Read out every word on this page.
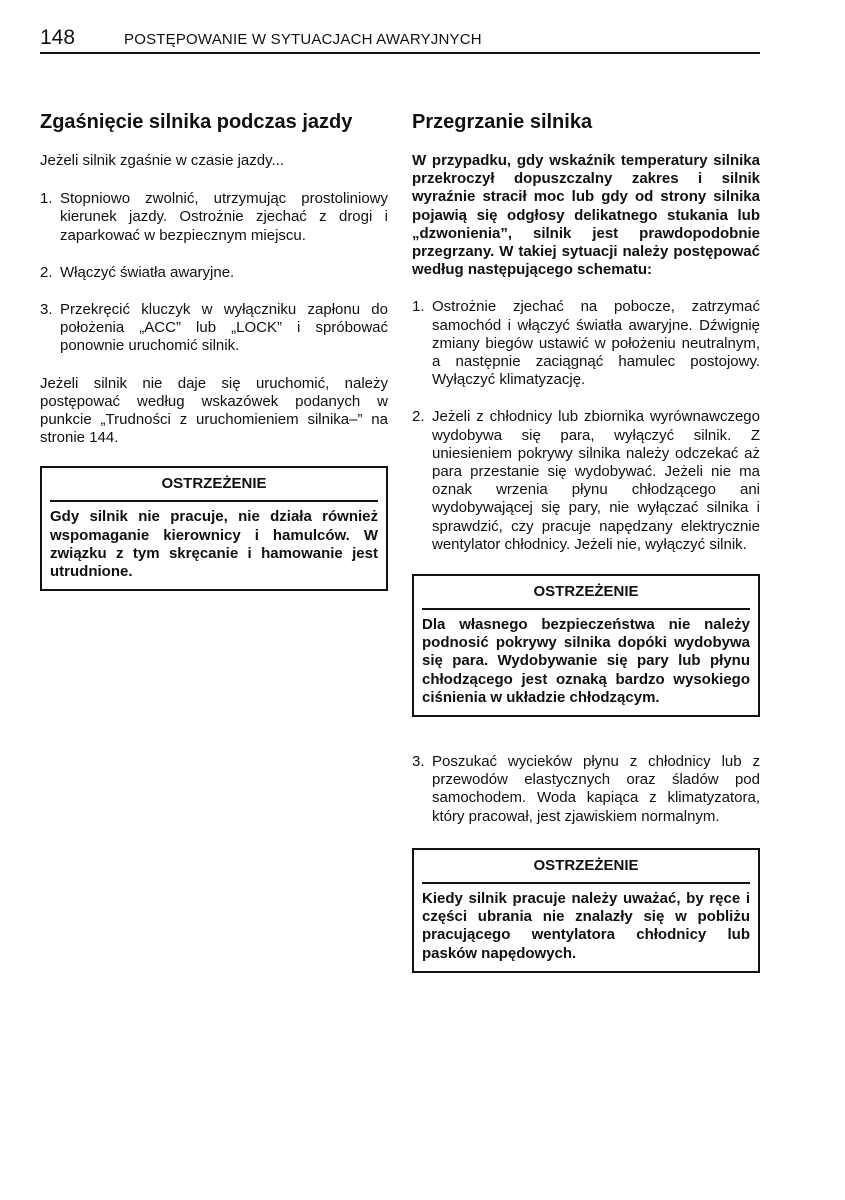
148	POSTĘPOWANIE W SYTUACJACH AWARYJNYCH
Zgaśnięcie silnika podczas jazdy

Jeżeli silnik zgaśnie w czasie jazdy...

1. Stopniowo zwolnić, utrzymując prostoliniowy kierunek jazdy. Ostrożnie zjechać z drogi i zaparkować w bezpiecznym miejscu.
2. Włączyć światła awaryjne.
3. Przekręcić kluczyk w wyłączniku zapłonu do położenia „ACC” lub „LOCK” i spróbować ponownie uruchomić silnik.

Jeżeli silnik nie daje się uruchomić, należy postępować według wskazówek podanych w punkcie „Trudności z uruchomieniem silnika–” na stronie 144.

OSTRZEŻENIE
Gdy silnik nie pracuje, nie działa również wspomaganie kierownicy i hamulców. W związku z tym skręcanie i hamowanie jest utrudnione.
Przegrzanie silnika

W przypadku, gdy wskaźnik temperatury silnika przekroczył dopuszczalny zakres i silnik wyraźnie stracił moc lub gdy od strony silnika pojawią się odgłosy delikatnego stukania lub „dzwonienia”, silnik jest prawdopodobnie przegrzany. W takiej sytuacji należy postępować według następującego schematu:

1. Ostrożnie zjechać na pobocze, zatrzymać samochód i włączyć światła awaryjne. Dźwignię zmiany biegów ustawić w położeniu neutralnym, a następnie zaciągnąć hamulec postojowy. Wyłączyć klimatyzację.
2. Jeżeli z chłodnicy lub zbiornika wyrównawczego wydobywa się para, wyłączyć silnik. Z uniesieniem pokrywy silnika należy odczekać aż para przestanie się wydobywać. Jeżeli nie ma oznak wrzenia płynu chłodzącego ani wydobywającej się pary, nie wyłączać silnika i sprawdzić, czy pracuje napędzany elektrycznie wentylator chłodnicy. Jeżeli nie, wyłączyć silnik.
OSTRZEŻENIE
Dla własnego bezpieczeństwa nie należy podnosić pokrywy silnika dopóki wydobywa się para. Wydobywanie się pary lub płynu chłodzącego jest oznaką bardzo wysokiego ciśnienia w układzie chłodzącym.
3. Poszukać wycieków płynu z chłodnicy lub z przewodów elastycznych oraz śladów pod samochodem. Woda kapiąca z klimatyzatora, który pracował, jest zjawiskiem normalnym.
OSTRZEŻENIE
Kiedy silnik pracuje należy uważać, by ręce i części ubrania nie znalazły się w pobliżu pracującego wentylatora chłodnicy lub pasków napędowych.
